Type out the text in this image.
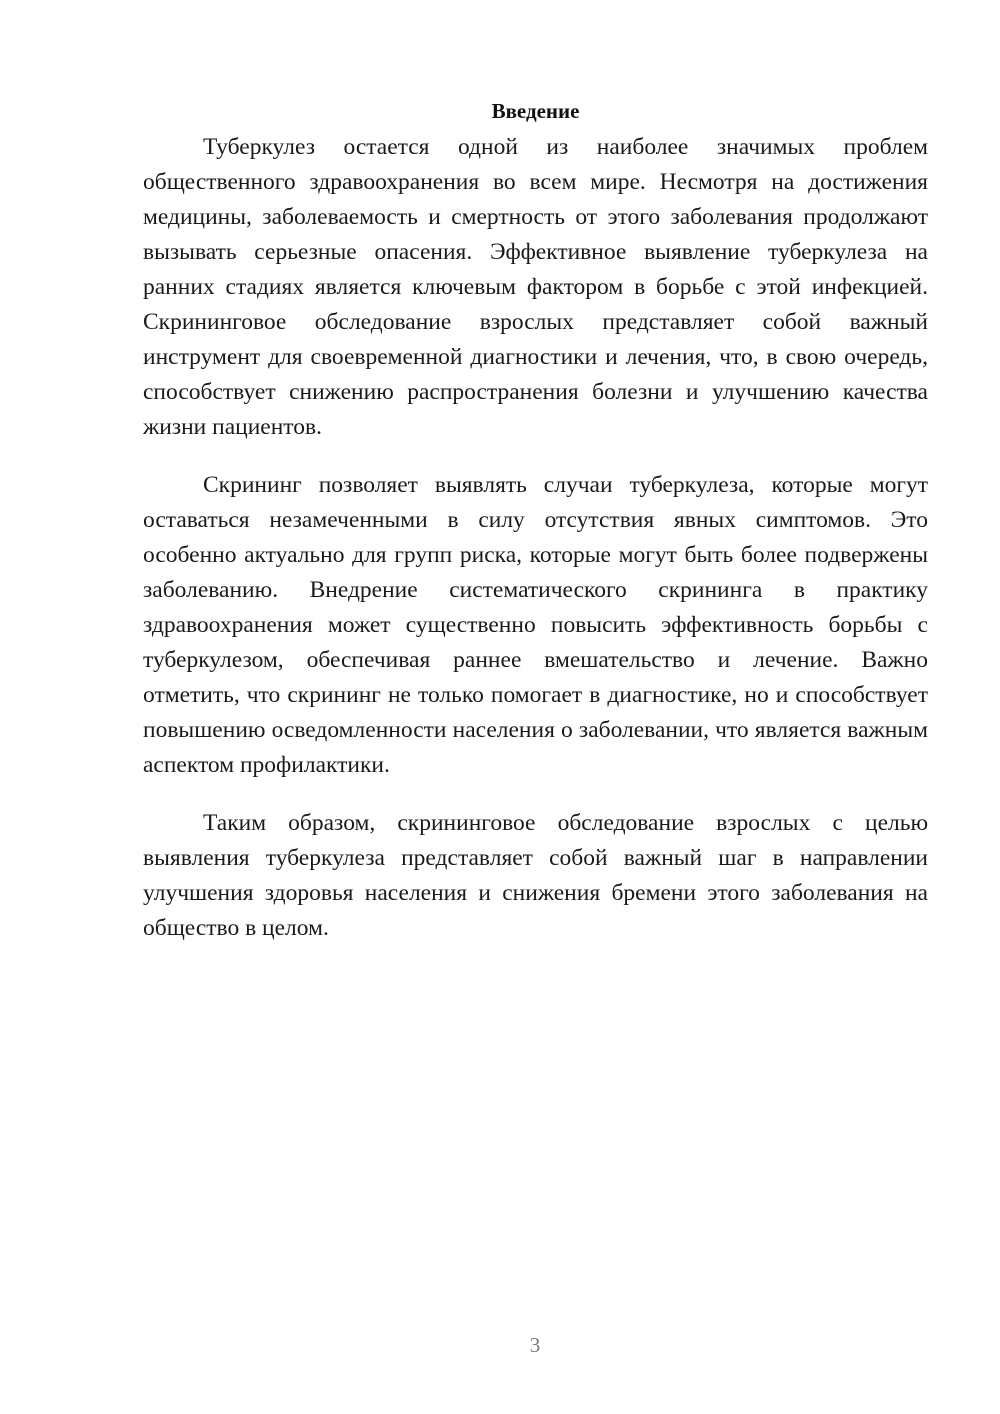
Введение

Туберкулез остается одной из наиболее значимых проблем общественного здравоохранения во всем мире. Несмотря на достижения медицины, заболеваемость и смертность от этого заболевания продолжают вызывать серьезные опасения. Эффективное выявление туберкулеза на ранних стадиях является ключевым фактором в борьбе с этой инфекцией. Скрининговое обследование взрослых представляет собой важный инструмент для своевременной диагностики и лечения, что, в свою очередь, способствует снижению распространения болезни и улучшению качества жизни пациентов.

Скрининг позволяет выявлять случаи туберкулеза, которые могут оставаться незамеченными в силу отсутствия явных симптомов. Это особенно актуально для групп риска, которые могут быть более подвержены заболеванию. Внедрение систематического скрининга в практику здравоохранения может существенно повысить эффективность борьбы с туберкулезом, обеспечивая раннее вмешательство и лечение. Важно отметить, что скрининг не только помогает в диагностике, но и способствует повышению осведомленности населения о заболевании, что является важным аспектом профилактики.

Таким образом, скрининговое обследование взрослых с целью выявления туберкулеза представляет собой важный шаг в направлении улучшения здоровья населения и снижения бремени этого заболевания на общество в целом.

3
